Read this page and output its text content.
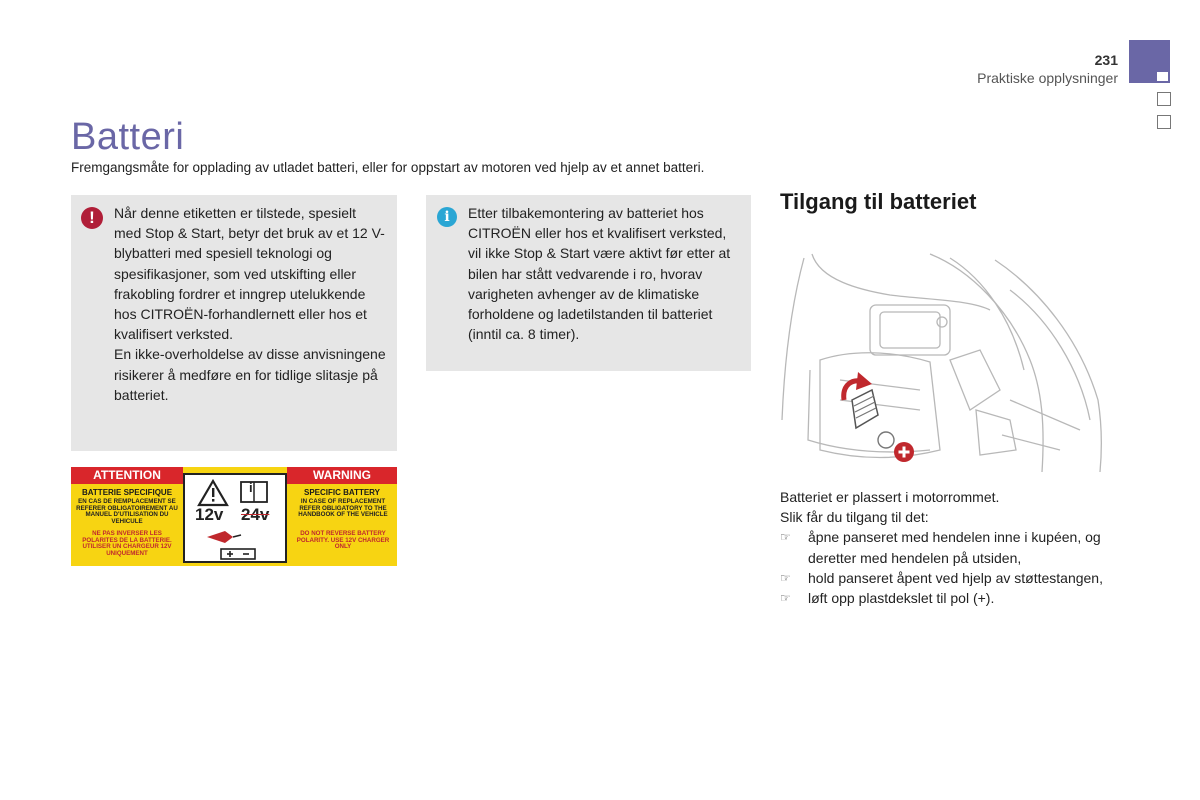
231
Praktiske opplysninger
Batteri
Fremgangsmåte for opplading av utladet batteri, eller for oppstart av motoren ved hjelp av et annet batteri.
!	Når denne etiketten er tilstede, spesielt med Stop & Start, betyr det bruk av et 12 V-blybatteri med spesiell teknologi og spesifikasjoner, som ved utskifting eller frakobling fordrer et inngrep utelukkende hos CITROËN-forhandlernett eller hos et kvalifisert verksted.

En ikke-overholdelse av disse anvisningene risikerer å medføre en for tidlige slitasje på batteriet.

i	Etter tilbakemontering av batteriet hos CITROËN eller hos et kvalifisert verksted, vil ikke Stop & Start være aktivt før etter at bilen har stått vedvarende i ro, hvorav varigheten avhenger av de klimatiske forholdene og ladetilstanden til batteriet (inntil ca. 8 timer).

ATTENTION	WARNING
BATTERIE SPECIFIQUE
EN CAS DE REMPLACEMENT SE REFERER OBLIGATOIREMENT AU MANUEL D'UTILISATION DU VEHICULE
NE PAS INVERSER LES POLARITES DE LA BATTERIE. UTILISER UN CHARGEUR 12V UNIQUEMENT
SPECIFIC BATTERY
IN CASE OF REPLACEMENT REFER OBLIGATORY TO THE HANDBOOK OF THE VEHICLE
DO NOT REVERSE BATTERY POLARITY. USE 12V CHARGER ONLY
i
12v 24v
Tilgang til batteriet

Batteriet er plassert i motorrommet.

Slik får du tilgang til det:

☞ åpne panseret med hendelen inne i kupéen, og deretter med hendelen på utsiden,
☞ hold panseret åpent ved hjelp av støttestangen,
☞ løft opp plastdekslet til pol (+).
